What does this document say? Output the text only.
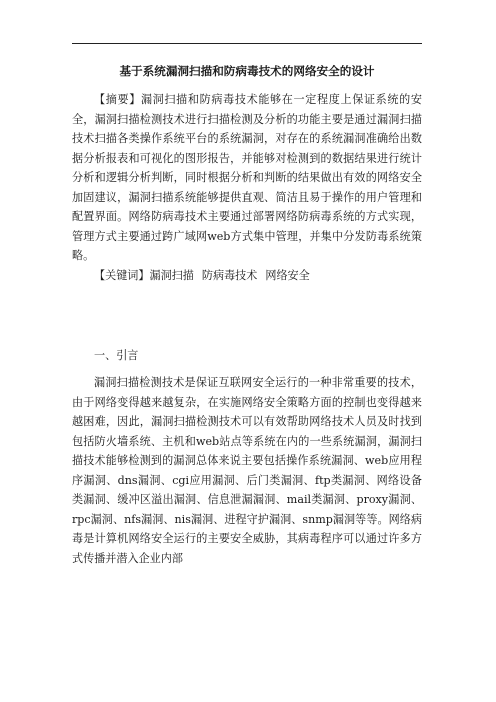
基于系统漏洞扫描和防病毒技术的网络安全的设计

【摘要】漏洞扫描和防病毒技术能够在一定程度上保证系统的安全，漏洞扫描检测技术进行扫描检测及分析的功能主要是通过漏洞扫描技术扫描各类操作系统平台的系统漏洞，对存在的系统漏洞准确给出数据分析报表和可视化的图形报告，并能够对检测到的数据结果进行统计分析和逻辑分析判断，同时根据分析和判断的结果做出有效的网络安全加固建议，漏洞扫描系统能够提供直观、简洁且易于操作的用户管理和配置界面。网络防病毒技术主要通过部署网络防病毒系统的方式实现，管理方式主要通过跨广域网web方式集中管理，并集中分发防毒系统策略。

【关键词】漏洞扫描 防病毒技术 网络安全

一、引言

漏洞扫描检测技术是保证互联网安全运行的一种非常重要的技术，由于网络变得越来越复杂，在实施网络安全策略方面的控制也变得越来越困难，因此，漏洞扫描检测技术可以有效帮助网络技术人员及时找到包括防火墙系统、主机和web站点等系统在内的一些系统漏洞，漏洞扫描技术能够检测到的漏洞总体来说主要包括操作系统漏洞、web应用程序漏洞、dns漏洞、cgi应用漏洞、后门类漏洞、ftp类漏洞、网络设备类漏洞、缓冲区溢出漏洞、信息泄漏漏洞、mail类漏洞、proxy漏洞、rpc漏洞、nfs漏洞、nis漏洞、进程守护漏洞、snmp漏洞等等。网络病毒是计算机网络安全运行的主要安全威胁，其病毒程序可以通过许多方式传播并潜入企业内部
